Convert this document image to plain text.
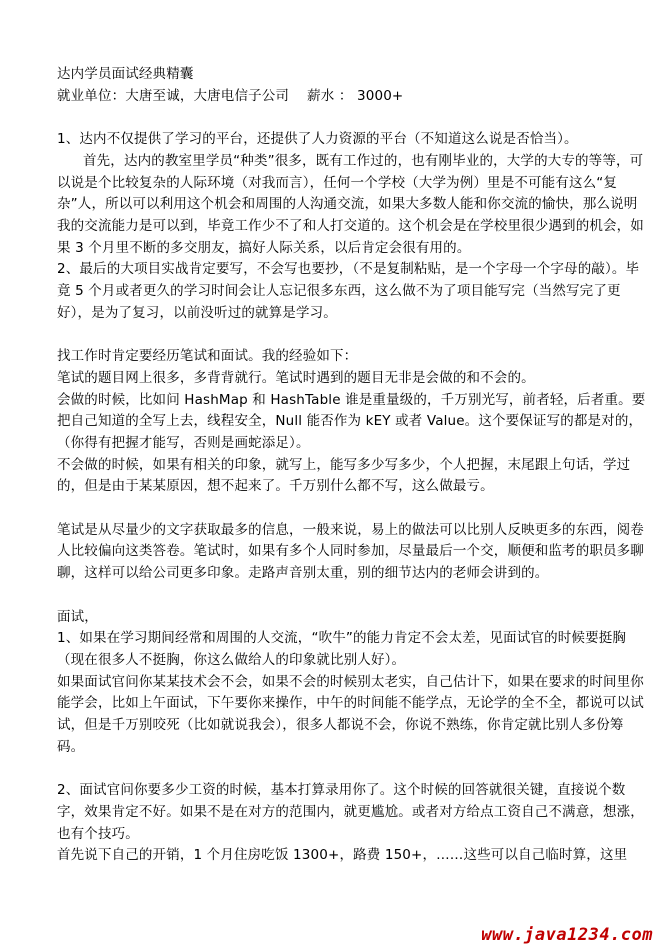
达内学员面试经典精囊

就业单位：大唐至诚，大唐电信子公司　 薪水 ： 3000+

1、达内不仅提供了学习的平台，还提供了人力资源的平台（不知道这么说是否恰当）。

首先，达内的教室里学员“种类”很多，既有工作过的，也有刚毕业的，大学的大专的等等，可以说是个比较复杂的人际环境（对我而言），任何一个学校（大学为例）里是不可能有这么“复杂”人，所以可以利用这个机会和周围的人沟通交流，如果大多数人能和你交流的愉快，那么说明我的交流能力是可以到，毕竟工作少不了和人打交道的。这个机会是在学校里很少遇到的机会，如果 3 个月里不断的多交朋友，搞好人际关系，以后肯定会很有用的。

2、最后的大项目实战肯定要写，不会写也要抄，（不是复制粘贴，是一个字母一个字母的敲）。毕竟 5 个月或者更久的学习时间会让人忘记很多东西，这么做不为了项目能写完（当然写完了更好），是为了复习，以前没听过的就算是学习。

找工作时肯定要经历笔试和面试。我的经验如下：

笔试的题目网上很多，多背背就行。笔试时遇到的题目无非是会做的和不会的。

会做的时候，比如问 HashMap 和 HashTable 谁是重量级的，千万别光写，前者轻，后者重。要把自己知道的全写上去，线程安全，Null 能否作为 kEY 或者 Value。这个要保证写的都是对的，（你得有把握才能写，否则是画蛇添足）。

不会做的时候，如果有相关的印象，就写上，能写多少写多少，个人把握，末尾跟上句话，学过的，但是由于某某原因，想不起来了。千万别什么都不写，这么做最亏。

笔试是从尽量少的文字获取最多的信息，一般来说，易上的做法可以比别人反映更多的东西，阅卷人比较偏向这类答卷。笔试时，如果有多个人同时参加，尽量最后一个交，顺便和监考的职员多聊聊，这样可以给公司更多印象。走路声音别太重，别的细节达内的老师会讲到的。

面试，

1、如果在学习期间经常和周围的人交流，“吹牛”的能力肯定不会太差，见面试官的时候要挺胸（现在很多人不挺胸，你这么做给人的印象就比别人好）。

如果面试官问你某某技术会不会，如果不会的时候别太老实，自己估计下，如果在要求的时间里你能学会，比如上午面试，下午要你来操作，中午的时间能不能学点，无论学的全不全，都说可以试试，但是千万别咬死（比如就说我会），很多人都说不会，你说不熟练，你肯定就比别人多份筹码。

2、面试官问你要多少工资的时候，基本打算录用你了。这个时候的回答就很关键，直接说个数字，效果肯定不好。如果不是在对方的范围内，就更尴尬。或者对方给点工资自己不满意，想涨，也有个技巧。

首先说下自己的开销，1 个月住房吃饭 1300+，路费 150+，……这些可以自己临时算，这里

www.java1234.com
